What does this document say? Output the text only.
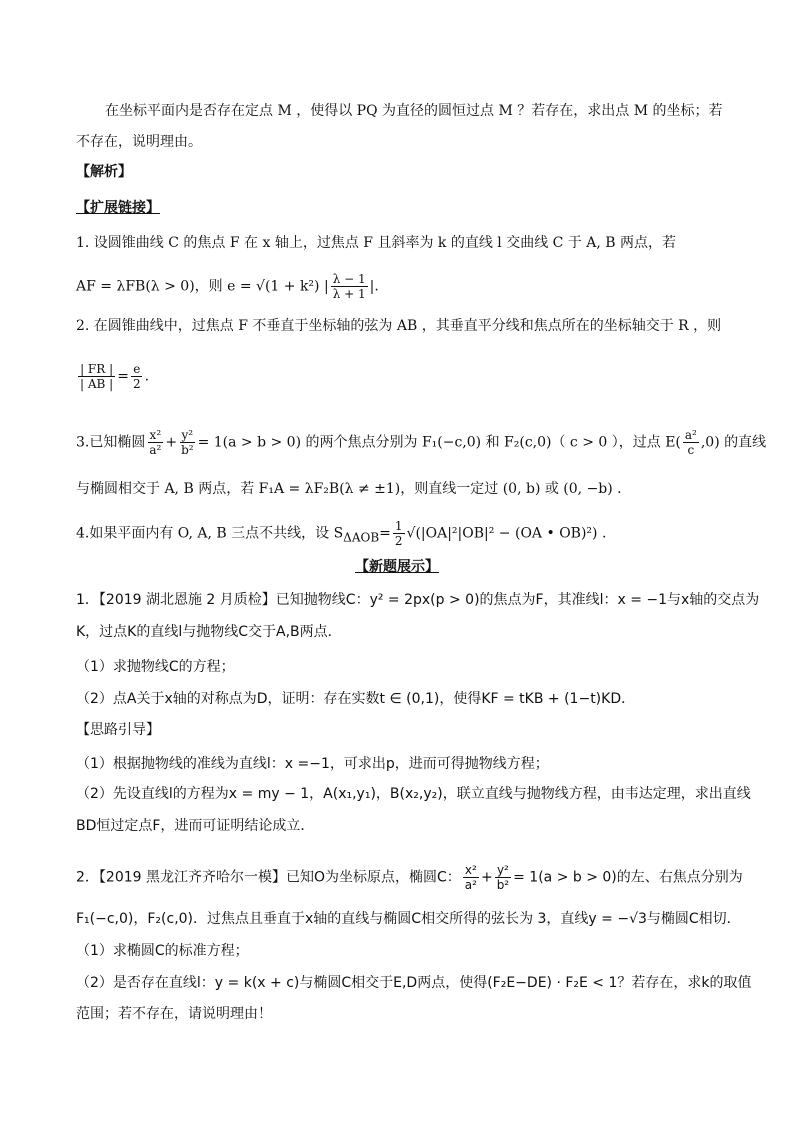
在坐标平面内是否存在定点 M ，使得以 PQ 为直径的圆恒过点 M ？若存在，求出点 M 的坐标；若
不存在，说明理由。
【解析】
【扩展链接】
1. 设圆锥曲线 C 的焦点 F 在 x 轴上，过焦点 F 且斜率为 k 的直线 l 交曲线 C 于 A, B 两点，若
AF = λFB(λ > 0)，则 e = √(1 + k²) | $\frac{\lambda - 1}{\lambda + 1}$ |.
2. 在圆锥曲线中，过焦点 F 不垂直于坐标轴的弦为 AB ，其垂直平分线和焦点所在的坐标轴交于 R ，则
$\frac{| FR |}{| AB |} = \frac{e}{2}$ .
3.已知椭圆 $\frac{\text{x²}}{\text{a²}} + \frac{\text{y²}}{\text{b²}} = 1(a > b > 0)$ 的两个焦点分别为 F₁(−c,0) 和 F₂(c,0)（ c > 0 ），过点 $E( \frac{\text{a²}}{c} ,0)$ 的直线
与椭圆相交于 A, B 两点，若 F₁A = λF₂B(λ ≠ ±1)，则直线一定过 (0, b) 或 (0, −b) .
4.如果平面内有 O, A, B 三点不共线，设 $S_{\Delta AOB}= \frac{1}{2} √(|OA|^2|OB|^2 - (OA$ • OB)²) .
【新题展示】
1．【2019 湖北恩施 2 月质检】已知抛物线C：y² = 2px(p > 0)的焦点为F，其准线l：x = −1与x轴的交点为
K，过点K的直线l与抛物线C交于A,B两点．
（1）求抛物线C的方程；
（2）点A关于x轴的对称点为D，证明：存在实数t ∈ (0,1)，使得KF = tKB + (1−t)KD．
【思路引导】
（1）根据抛物线的准线为直线l：x =−1，可求出p，进而可得抛物线方程；
（2）先设直线l的方程为x = my − 1，A(x₁,y₁)，B(x₂,y₂)，联立直线与抛物线方程，由韦达定理，求出直线
BD恒过定点F，进而可证明结论成立．
2．【2019 黑龙江齐齐哈尔一模】已知O为坐标原点，椭圆C： $\frac{\text{x²}}{\text{a²}} + \frac{\text{y²}}{\text{b²}} = 1(a > b > 0)$的左、右焦点分别为
F₁(−c,0)，F₂(c,0)．过焦点且垂直于x轴的直线与椭圆C相交所得的弦长为 3，直线y = −√3与椭圆C相切．
（1）求椭圆C的标准方程；
（2）是否存在直线l：y = k(x + c)与椭圆C相交于E,D两点，使得(F₂E−DE) · F₂E < 1？若存在，求k的取值
范围；若不存在，请说明理由！
